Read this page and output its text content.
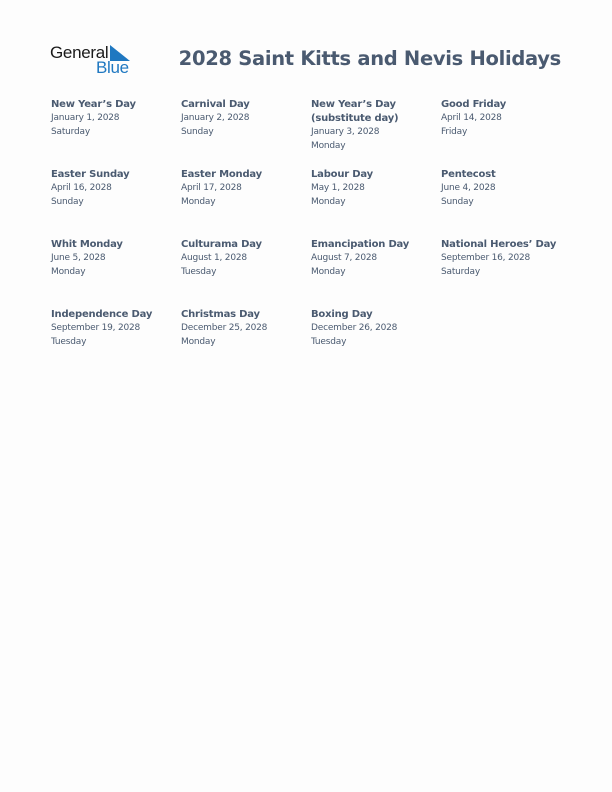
General
Blue	2028 Saint Kitts and Nevis Holidays
New Year’s Day
January 1, 2028
Saturday
Carnival Day
January 2, 2028
Sunday
New Year’s Day
(substitute day)
January 3, 2028
Monday
Good Friday
April 14, 2028
Friday
Easter Sunday
April 16, 2028
Sunday
Easter Monday
April 17, 2028
Monday
Labour Day
May 1, 2028
Monday
Pentecost
June 4, 2028
Sunday
Whit Monday
June 5, 2028
Monday
Culturama Day
August 1, 2028
Tuesday
Emancipation Day
August 7, 2028
Monday
National Heroes’ Day
September 16, 2028
Saturday
Independence Day
September 19, 2028
Tuesday
Christmas Day
December 25, 2028
Monday
Boxing Day
December 26, 2028
Tuesday
